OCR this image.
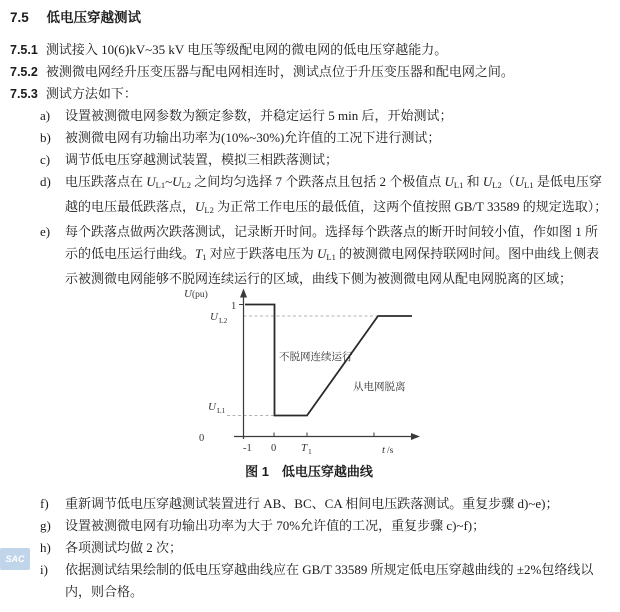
7.5 低电压穿越测试
7.5.1 测试接入 10(6)kV~35 kV 电压等级配电网的微电网的低电压穿越能力。
7.5.2 被测微电网经升压变压器与配电网相连时，测试点位于升压变压器和配电网之间。
7.5.3 测试方法如下：
a)	设置被测微电网参数为额定参数，并稳定运行 5 min 后，开始测试；
b)	被测微电网有功输出功率为(10%~30%)允许值的工况下进行测试；
c)	调节低电压穿越测试装置，模拟三相跌落测试；
d)	电压跌落点在 UL1~UL2 之间均匀选择 7 个跌落点且包括 2 个极值点 UL1 和 UL2（UL1 是低电压穿越的电压最低跌落点，UL2 为正常工作电压的最低值，这两个值按照 GB/T 33589 的规定选取）；
e)	每个跌落点做两次跌落测试，记录断开时间。选择每个跌落点的断开时间较小值，作如图 1 所示的低电压运行曲线。T1 对应于跌落电压为 UL1 的被测微电网保持联网时间。图中曲线上侧表示被测微电网能够不脱网连续运行的区域，曲线下侧为被测微电网从配电网脱离的区域；
U (pu)
1
U L2
U L1
0
-1 0 T 1	t /s
不脱网连续运行
从电网脱离
图 1　低电压穿越曲线
f)	重新调节低电压穿越测试装置进行 AB、BC、CA 相间电压跌落测试。重复步骤 d)~e)；
g)	设置被测微电网有功输出功率为大于 70%允许值的工况，重复步骤 c)~f)；
h)	各项测试均做 2 次；
i)	依据测试结果绘制的低电压穿越曲线应在 GB/T 33589 所规定低电压穿越曲线的 ±2%包络线以内，则合格。
SAC
